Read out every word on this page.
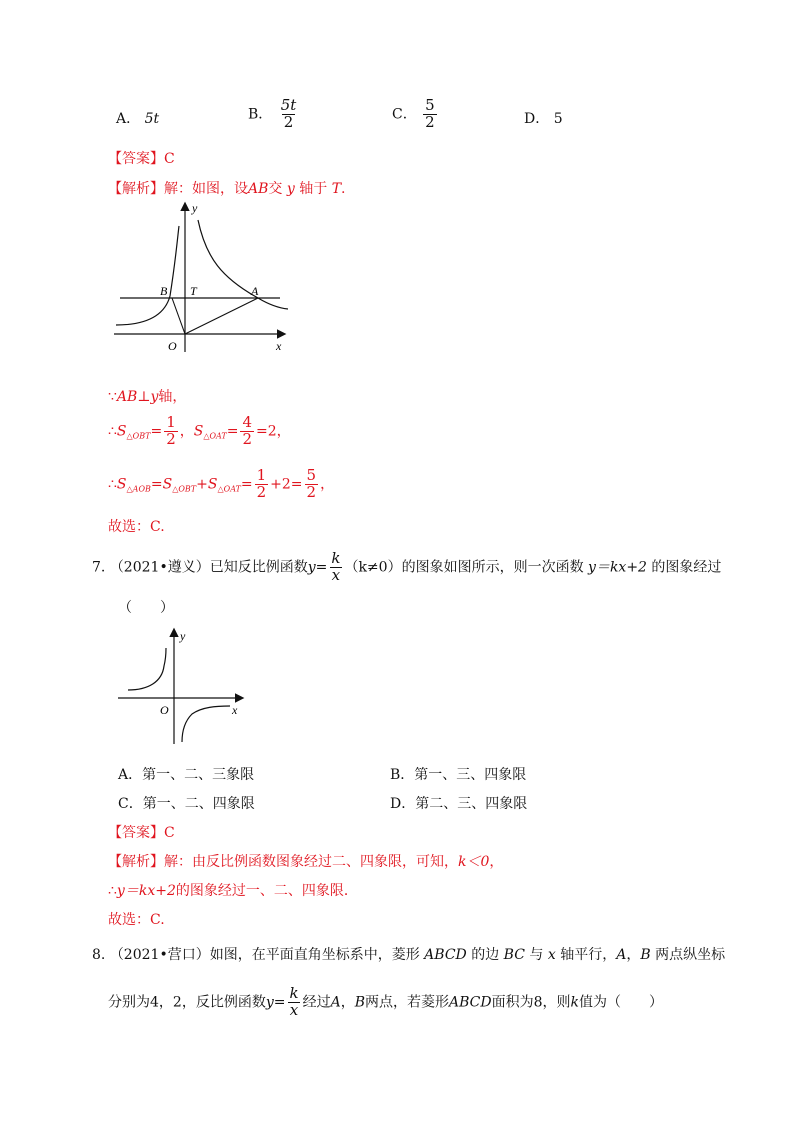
A． 5t	B． $\frac{5t}{2}$	C． $\frac{5}{2}$	D． 5
【答案】C
【解析】解：如图，设AB交 y 轴于 T.
y
x
O
B T	A
∵AB⊥y轴，
$\therefore S_{\triangle OBT}= \frac{1}{2}$ ，$S_{\triangle OAT}= \frac{4}{2} =2$，
$\therefore S_{\triangle AOB}=S_{\triangle OBT}+S_{\triangle OAT}= \frac{1}{2} +2= \frac{5}{2}$ ，
故选：C.
7. （2021•遵义）已知反比例函数$y= \frac{k}{x} (k\ne 0)$的图象如图所示，则一次函数 y＝kx+2 的图象经过
（　　）
y
x
O
A．第一、二、三象限	B．第一、三、四象限
C．第一、二、四象限	D．第二、三、四象限
【答案】C
【解析】解：由反比例函数图象经过二、四象限，可知，k＜0，
∴y＝kx+2的图象经过一、二、四象限．
故选：C.
8. （2021•营口）如图，在平面直角坐标系中，菱形 ABCD 的边 BC 与 x 轴平行，A，B 两点纵坐标
分别为4，2，反比例函数$y= \frac{k}{x}$ 经过A，B两点，若菱形ABCD面积为8，则k值为（　　）
